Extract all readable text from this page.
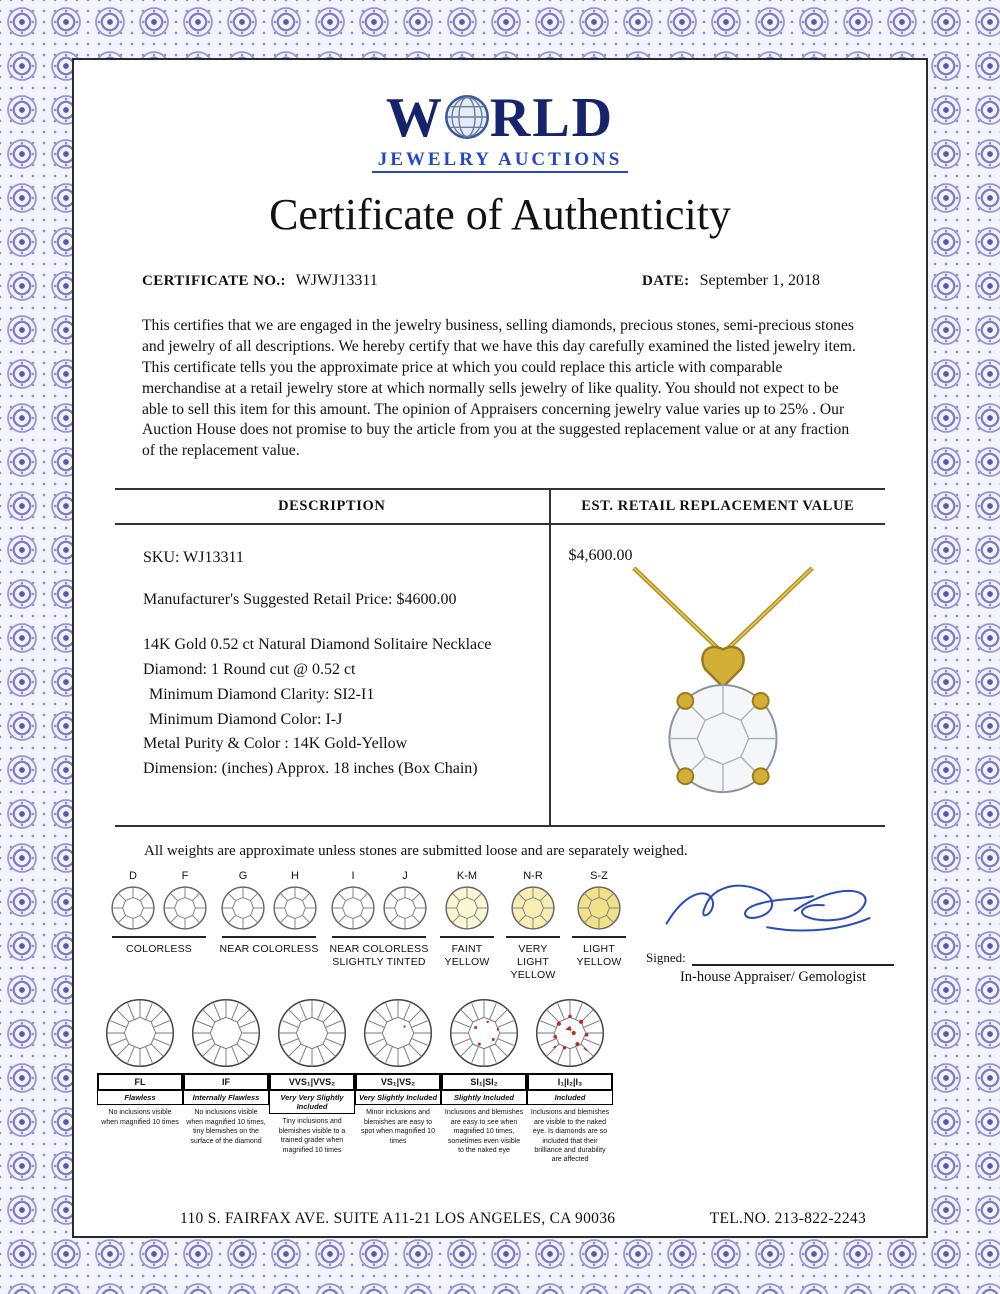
W RLD
JEWELRY AUCTIONS
Certificate of Authenticity
CERTIFICATE NO.: WJWJ13311	DATE: September 1, 2018

This certifies that we are engaged in the jewelry business, selling diamonds, precious stones, semi-precious stones and jewelry of all descriptions. We hereby certify that we have this day carefully examined the listed jewelry item. This certificate tells you the approximate price at which you could replace this article with comparable merchandise at a retail jewelry store at which normally sells jewelry of like quality. You should not expect to be able to sell this item for this amount. The opinion of Appraisers concerning jewelry value varies up to 25% . Our Auction House does not promise to buy the article from you at the suggested replacement value or at any fraction of the replacement value.

DESCRIPTION	EST. RETAIL REPLACEMENT VALUE

SKU: WJ13311

Manufacturer's Suggested Retail Price: $4600.00

14K Gold 0.52 ct Natural Diamond Solitaire Necklace

Diamond: 1 Round cut @ 0.52 ct

Minimum Diamond Clarity: SI2-I1

Minimum Diamond Color: I-J

Metal Purity & Color : 14K Gold-Yellow

Dimension: (inches) Approx. 18 inches (Box Chain)

$4,600.00

All weights are approximate unless stones are submitted loose and are separately weighed.

D	F
COLORLESS
G	H
NEAR COLORLESS
I	J
NEAR COLORLESS SLIGHTLY TINTED
K-M
FAINT YELLOW
N-R
VERY LIGHT YELLOW
S-Z
LIGHT YELLOW	Signed:
In-house Appraiser/ Gemologist
FL
Flawless
No inclusions visible when magnified 10 times
IF
Internally Flawless
No inclusions visible when magnified 10 times, tiny blemishes on the surface of the diamond
VVS₁|VVS₂
Very Very Slightly Included
Tiny inclusions and blemishes visible to a trained grader when magnified 10 times
VS₁|VS₂
Very Slightly Included
Minor inclusions and blemishes are easy to spot when magnified 10 times
SI₁|SI₂
Slightly Included
Inclusions and blemishes are easy to see when magnified 10 times, sometimes even visible to the naked eye
I₁|I₂|I₃
Included
Inclusions and blemishes are visible to the naked eye. Is diamonds are so included that their brilliance and durability are affected
110 S. FAIRFAX AVE. SUITE A11-21 LOS ANGELES, CA 90036	TEL.NO. 213-822-2243
